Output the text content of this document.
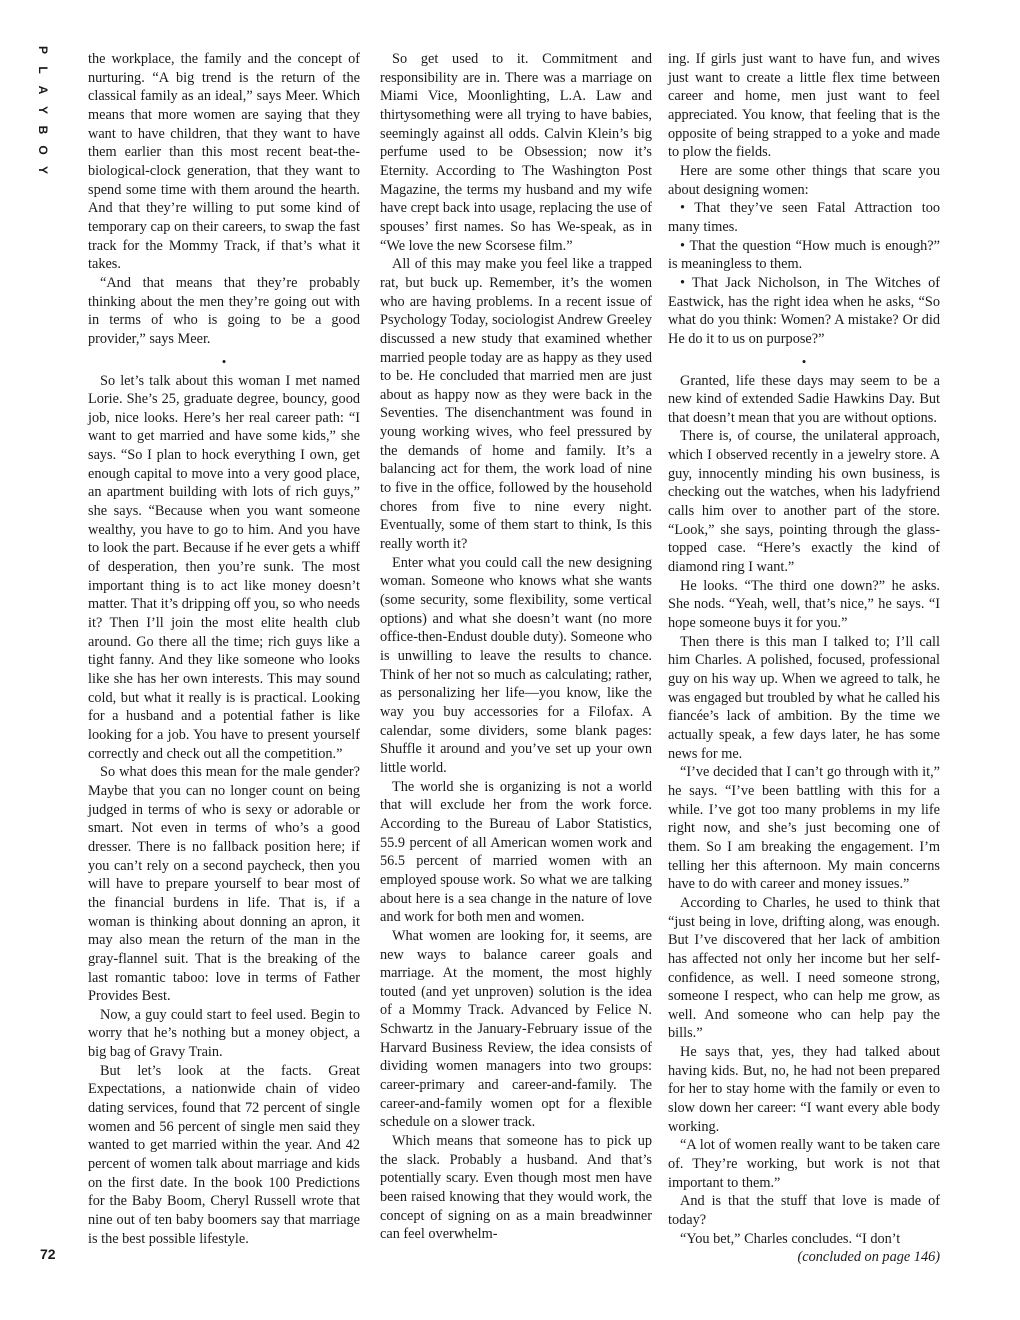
P
L
A
Y
B
O
Y

the workplace, the family and the concept of nurturing. “A big trend is the return of the classical family as an ideal,” says Meer. Which means that more women are saying that they want to have children, that they want to have them earlier than this most recent beat-the-biological-clock generation, that they want to spend some time with them around the hearth. And that they’re willing to put some kind of temporary cap on their careers, to swap the fast track for the Mommy Track, if that’s what it takes.

“And that means that they’re probably thinking about the men they’re going out with in terms of who is going to be a good provider,” says Meer.

•

So let’s talk about this woman I met named Lorie. She’s 25, graduate degree, bouncy, good job, nice looks. Here’s her real career path: “I want to get married and have some kids,” she says. “So I plan to hock everything I own, get enough capital to move into a very good place, an apartment building with lots of rich guys,” she says. “Because when you want someone wealthy, you have to go to him. And you have to look the part. Because if he ever gets a whiff of desperation, then you’re sunk. The most important thing is to act like money doesn’t matter. That it’s dripping off you, so who needs it? Then I’ll join the most elite health club around. Go there all the time; rich guys like a tight fanny. And they like someone who looks like she has her own interests. This may sound cold, but what it really is is practical. Looking for a husband and a potential father is like looking for a job. You have to present yourself correctly and check out all the competition.”

So what does this mean for the male gender? Maybe that you can no longer count on being judged in terms of who is sexy or adorable or smart. Not even in terms of who’s a good dresser. There is no fallback position here; if you can’t rely on a second paycheck, then you will have to prepare yourself to bear most of the financial burdens in life. That is, if a woman is thinking about donning an apron, it may also mean the return of the man in the gray-flannel suit. That is the breaking of the last romantic taboo: love in terms of Father Provides Best.

Now, a guy could start to feel used. Begin to worry that he’s nothing but a money object, a big bag of Gravy Train.

But let’s look at the facts. Great Expectations, a nationwide chain of video dating services, found that 72 percent of single women and 56 percent of single men said they wanted to get married within the year. And 42 percent of women talk about marriage and kids on the first date. In the book 100 Predictions for the Baby Boom, Cheryl Russell wrote that nine out of ten baby boomers say that marriage is the best possible lifestyle.

So get used to it. Commitment and responsibility are in. There was a marriage on Miami Vice, Moonlighting, L.A. Law and thirtysomething were all trying to have babies, seemingly against all odds. Calvin Klein’s big perfume used to be Obsession; now it’s Eternity. According to The Washington Post Magazine, the terms my husband and my wife have crept back into usage, replacing the use of spouses’ first names. So has We-speak, as in “We love the new Scorsese film.”

All of this may make you feel like a trapped rat, but buck up. Remember, it’s the women who are having problems. In a recent issue of Psychology Today, sociologist Andrew Greeley discussed a new study that examined whether married people today are as happy as they used to be. He concluded that married men are just about as happy now as they were back in the Seventies. The disenchantment was found in young working wives, who feel pressured by the demands of home and family. It’s a balancing act for them, the work load of nine to five in the office, followed by the household chores from five to nine every night. Eventually, some of them start to think, Is this really worth it?

Enter what you could call the new designing woman. Someone who knows what she wants (some security, some flexibility, some vertical options) and what she doesn’t want (no more office-then-Endust double duty). Someone who is unwilling to leave the results to chance. Think of her not so much as calculating; rather, as personalizing her life—you know, like the way you buy accessories for a Filofax. A calendar, some dividers, some blank pages: Shuffle it around and you’ve set up your own little world.

The world she is organizing is not a world that will exclude her from the work force. According to the Bureau of Labor Statistics, 55.9 percent of all American women work and 56.5 percent of married women with an employed spouse work. So what we are talking about here is a sea change in the nature of love and work for both men and women.

What women are looking for, it seems, are new ways to balance career goals and marriage. At the moment, the most highly touted (and yet unproven) solution is the idea of a Mommy Track. Advanced by Felice N. Schwartz in the January-February issue of the Harvard Business Review, the idea consists of dividing women managers into two groups: career-primary and career-and-family. The career-and-family women opt for a flexible schedule on a slower track.

Which means that someone has to pick up the slack. Probably a husband. And that’s potentially scary. Even though most men have been raised knowing that they would work, the concept of signing on as a main breadwinner can feel overwhelm-

ing. If girls just want to have fun, and wives just want to create a little flex time between career and home, men just want to feel appreciated. You know, that feeling that is the opposite of being strapped to a yoke and made to plow the fields.

Here are some other things that scare you about designing women:

• That they’ve seen Fatal Attraction too many times.

• That the question “How much is enough?” is meaningless to them.

• That Jack Nicholson, in The Witches of Eastwick, has the right idea when he asks, “So what do you think: Women? A mistake? Or did He do it to us on purpose?”

•

Granted, life these days may seem to be a new kind of extended Sadie Hawkins Day. But that doesn’t mean that you are without options.

There is, of course, the unilateral approach, which I observed recently in a jewelry store. A guy, innocently minding his own business, is checking out the watches, when his ladyfriend calls him over to another part of the store. “Look,” she says, pointing through the glass-topped case. “Here’s exactly the kind of diamond ring I want.”

He looks. “The third one down?” he asks. She nods. “Yeah, well, that’s nice,” he says. “I hope someone buys it for you.”

Then there is this man I talked to; I’ll call him Charles. A polished, focused, professional guy on his way up. When we agreed to talk, he was engaged but troubled by what he called his fiancée’s lack of ambition. By the time we actually speak, a few days later, he has some news for me.

“I’ve decided that I can’t go through with it,” he says. “I’ve been battling with this for a while. I’ve got too many problems in my life right now, and she’s just becoming one of them. So I am breaking the engagement. I’m telling her this afternoon. My main concerns have to do with career and money issues.”

According to Charles, he used to think that “just being in love, drifting along, was enough. But I’ve discovered that her lack of ambition has affected not only her income but her self-confidence, as well. I need someone strong, someone I respect, who can help me grow, as well. And someone who can help pay the bills.”

He says that, yes, they had talked about having kids. But, no, he had not been prepared for her to stay home with the family or even to slow down her career: “I want every able body working.

“A lot of women really want to be taken care of. They’re working, but work is not that important to them.”

And is that the stuff that love is made of today?

“You bet,” Charles concludes. “I don’t

(concluded on page 146)

72
